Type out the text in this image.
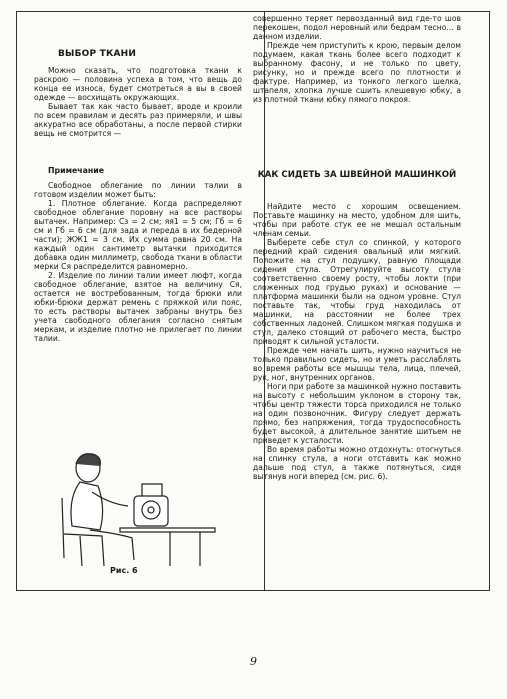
ВЫБОР ТКАНИ

Можно сказать, что подготовка ткани к раскрою — половина успеха в том, что вещь до конца ее износа, будет смотреться а вы в своей одежде — восхищать окружающих.

Бывает так как часто бывает, вроде и кроили по всем правилам и десять раз примеряли, и швы аккуратно все обработаны, а после первой стирки вещь не смотрится —

Примечание

Свободное облегание по линии талии в готовом изделии может быть:

1. Плотное облегание. Когда распределяют свободное облегание поровну на все растворы вытачек. Например: Сз = 2 см; яя1 = 5 см; Гб = 6 см и Гб = 6 см (для зада и переда в их бедерной части); ЖЖ1 = 3 см. Их сумма равна 20 см. На каждый один сантиметр вытачки приходится добавка один миллиметр, свобода ткани в области мерки Ся распределится равномерно.

2. Изделие по линии талии имеет люфт, когда свободное облегание, взятое на величину Ся, остается не востребованным, тогда брюки или юбки-брюки держат ремень с пряжкой или пояс, то есть растворы вытачек забраны внутрь без учета свободного облегания согласно снятым меркам, и изделие плотно не прилегает по линии талии.

Рис. 6

совершенно теряет первозданный вид где-то шов перекошен, подол неровный или бедрам тесно... в данном изделии.

Прежде чем приступить к крою, первым делом подумаем, какая ткань более всего подходит к выбранному фасону, и не только по цвету, рисунку, но и прежде всего по плотности и фактуре. Например, из тонкого легкого шелка, штапеля, хлопка лучше сшить клешевую юбку, а из плотной ткани юбку пямого покроя.

КАК СИДЕТЬ ЗА ШВЕЙНОЙ МАШИНКОЙ

Найдите место с хорошим освещением. Поставьте машинку на место, удобном для шить, чтобы при работе стук ее не мешал остальным членам семьи.

Выберете себе стул со спинкой, у которого передний край сидения овальный или мягкий. Положите на стул подушку, равную площади сидения стула. Отрегулируйте высоту стула соответственно своему росту, чтобы локти (при сложенных под грудью руках) и основание — платформа машинки были на одном уровне. Стул поставьте так, чтобы груд находилась от машинки, на расстоянии не более трех собственных ладоней. Слишком мягкая подушка и стул, далеко стоящий от рабочего места, быстро приводят к сильной усталости.

Прежде чем начать шить, нужно научиться не только правильно сидеть, но и уметь расслаблять во время работы все мышцы тела, лица, плечей, рук, ног, внутренних органов.

Ноги при работе за машинкой нужно поставить на высоту с небольшим уклоном в сторону так, чтобы центр тяжести торса приходился не только на один позвоночник. Фигуру следует держать прямо, без напряжения, тогда трудоспособность будет высокой, а длительное занятие шитьем не приведет к усталости.

Во время работы можно отдохнуть: отогнуться на спинку стула, а ноги отставить как можно дальше под стул, а также потянуться, сидя вытянув ноги вперед (см. рис. 6).

9
